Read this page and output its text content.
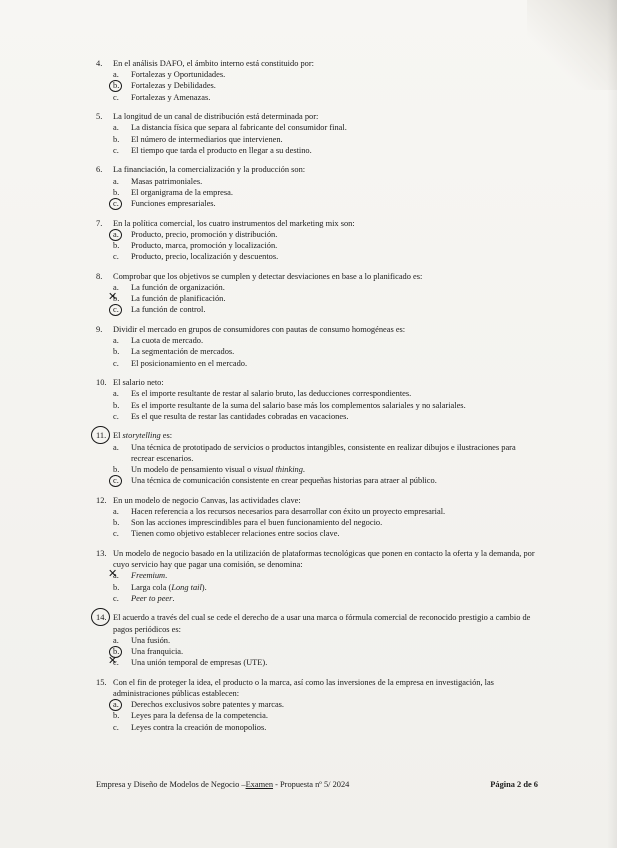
4.	En el análisis DAFO, el ámbito interno está constituido por:
a.	Fortalezas y Oportunidades.
b.	Fortalezas y Debilidades.
c.	Fortalezas y Amenazas.
5.	La longitud de un canal de distribución está determinada por:
a.	La distancia física que separa al fabricante del consumidor final.
b.	El número de intermediarios que intervienen.
c.	El tiempo que tarda el producto en llegar a su destino.
6.	La financiación, la comercialización y la producción son:
a.	Masas patrimoniales.
b.	El organigrama de la empresa.
c.	Funciones empresariales.
7.	En la política comercial, los cuatro instrumentos del marketing mix son:
a.	Producto, precio, promoción y distribución.
b.	Producto, marca, promoción y localización.
c.	Producto, precio, localización y descuentos.
8.	Comprobar que los objetivos se cumplen y detectar desviaciones en base a lo planificado es:
a.	La función de organización.
b. ✕	La función de planificación.
c.	La función de control.
9.	Dividir el mercado en grupos de consumidores con pautas de consumo homogéneas es:
a.	La cuota de mercado.
b.	La segmentación de mercados.
c.	El posicionamiento en el mercado.
10. El salario neto:
a.	Es el importe resultante de restar al salario bruto, las deducciones correspondientes.
b.	Es el importe resultante de la suma del salario base más los complementos salariales y no salariales.
c.	Es el que resulta de restar las cantidades cobradas en vacaciones.
11. El storytelling es:
a.	Una técnica de prototipado de servicios o productos intangibles, consistente en realizar dibujos e ilustraciones para recrear escenarios.
b.	Un modelo de pensamiento visual o visual thinking.
c.	Una técnica de comunicación consistente en crear pequeñas historias para atraer al público.
12. En un modelo de negocio Canvas, las actividades clave:
a.	Hacen referencia a los recursos necesarios para desarrollar con éxito un proyecto empresarial.
b.	Son las acciones imprescindibles para el buen funcionamiento del negocio.
c.	Tienen como objetivo establecer relaciones entre socios clave.
13. Un modelo de negocio basado en la utilización de plataformas tecnológicas que ponen en contacto la oferta y la demanda, por cuyo servicio hay que pagar una comisión, se denomina:
a. ✕	Freemium.
b.	Larga cola (Long tail).
c.	Peer to peer.
14. El acuerdo a través del cual se cede el derecho de a usar una marca o fórmula comercial de reconocido prestigio a cambio de pagos periódicos es:
a.	Una fusión.
b.	Una franquicia.
c. ✕	Una unión temporal de empresas (UTE).
15. Con el fin de proteger la idea, el producto o la marca, así como las inversiones de la empresa en investigación, las administraciones públicas establecen:
a.	Derechos exclusivos sobre patentes y marcas.
b.	Leyes para la defensa de la competencia.
c.	Leyes contra la creación de monopolios.
Empresa y Diseño de Modelos de Negocio –Examen - Propuesta nº 5/ 2024	Página 2 de 6
